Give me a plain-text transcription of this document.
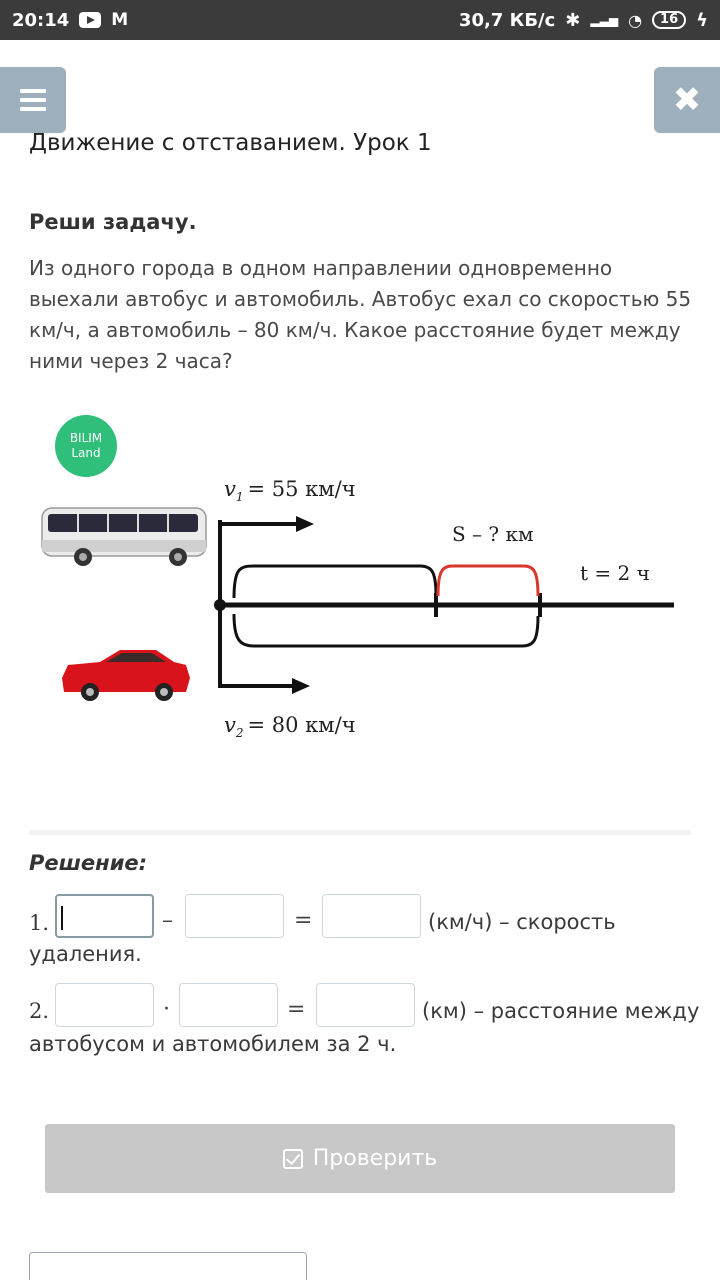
20:14 M	30,7 КБ/с ✱ ▂▃▅ ◔	16	ϟ
✖
Движение с отставанием. Урок 1
Реши задачу.
Из одного города в одном направлении одновременно выехали автобус и автомобиль. Автобус ехал со скоростью 55 км/ч, а автомобиль – 80 км/ч. Какое расстояние будет между ними через 2 часа?
BILIM
Land
$v_1 = 55$ км/ч
$v_2 = 80$ км/ч
S – ? км
t = 2 ч
Решение:
1.	–	=	(км/ч) – скорость
удаления.
2.	·	=	(км) – расстояние между
автобусом и автомобилем за 2 ч.
Проверить
